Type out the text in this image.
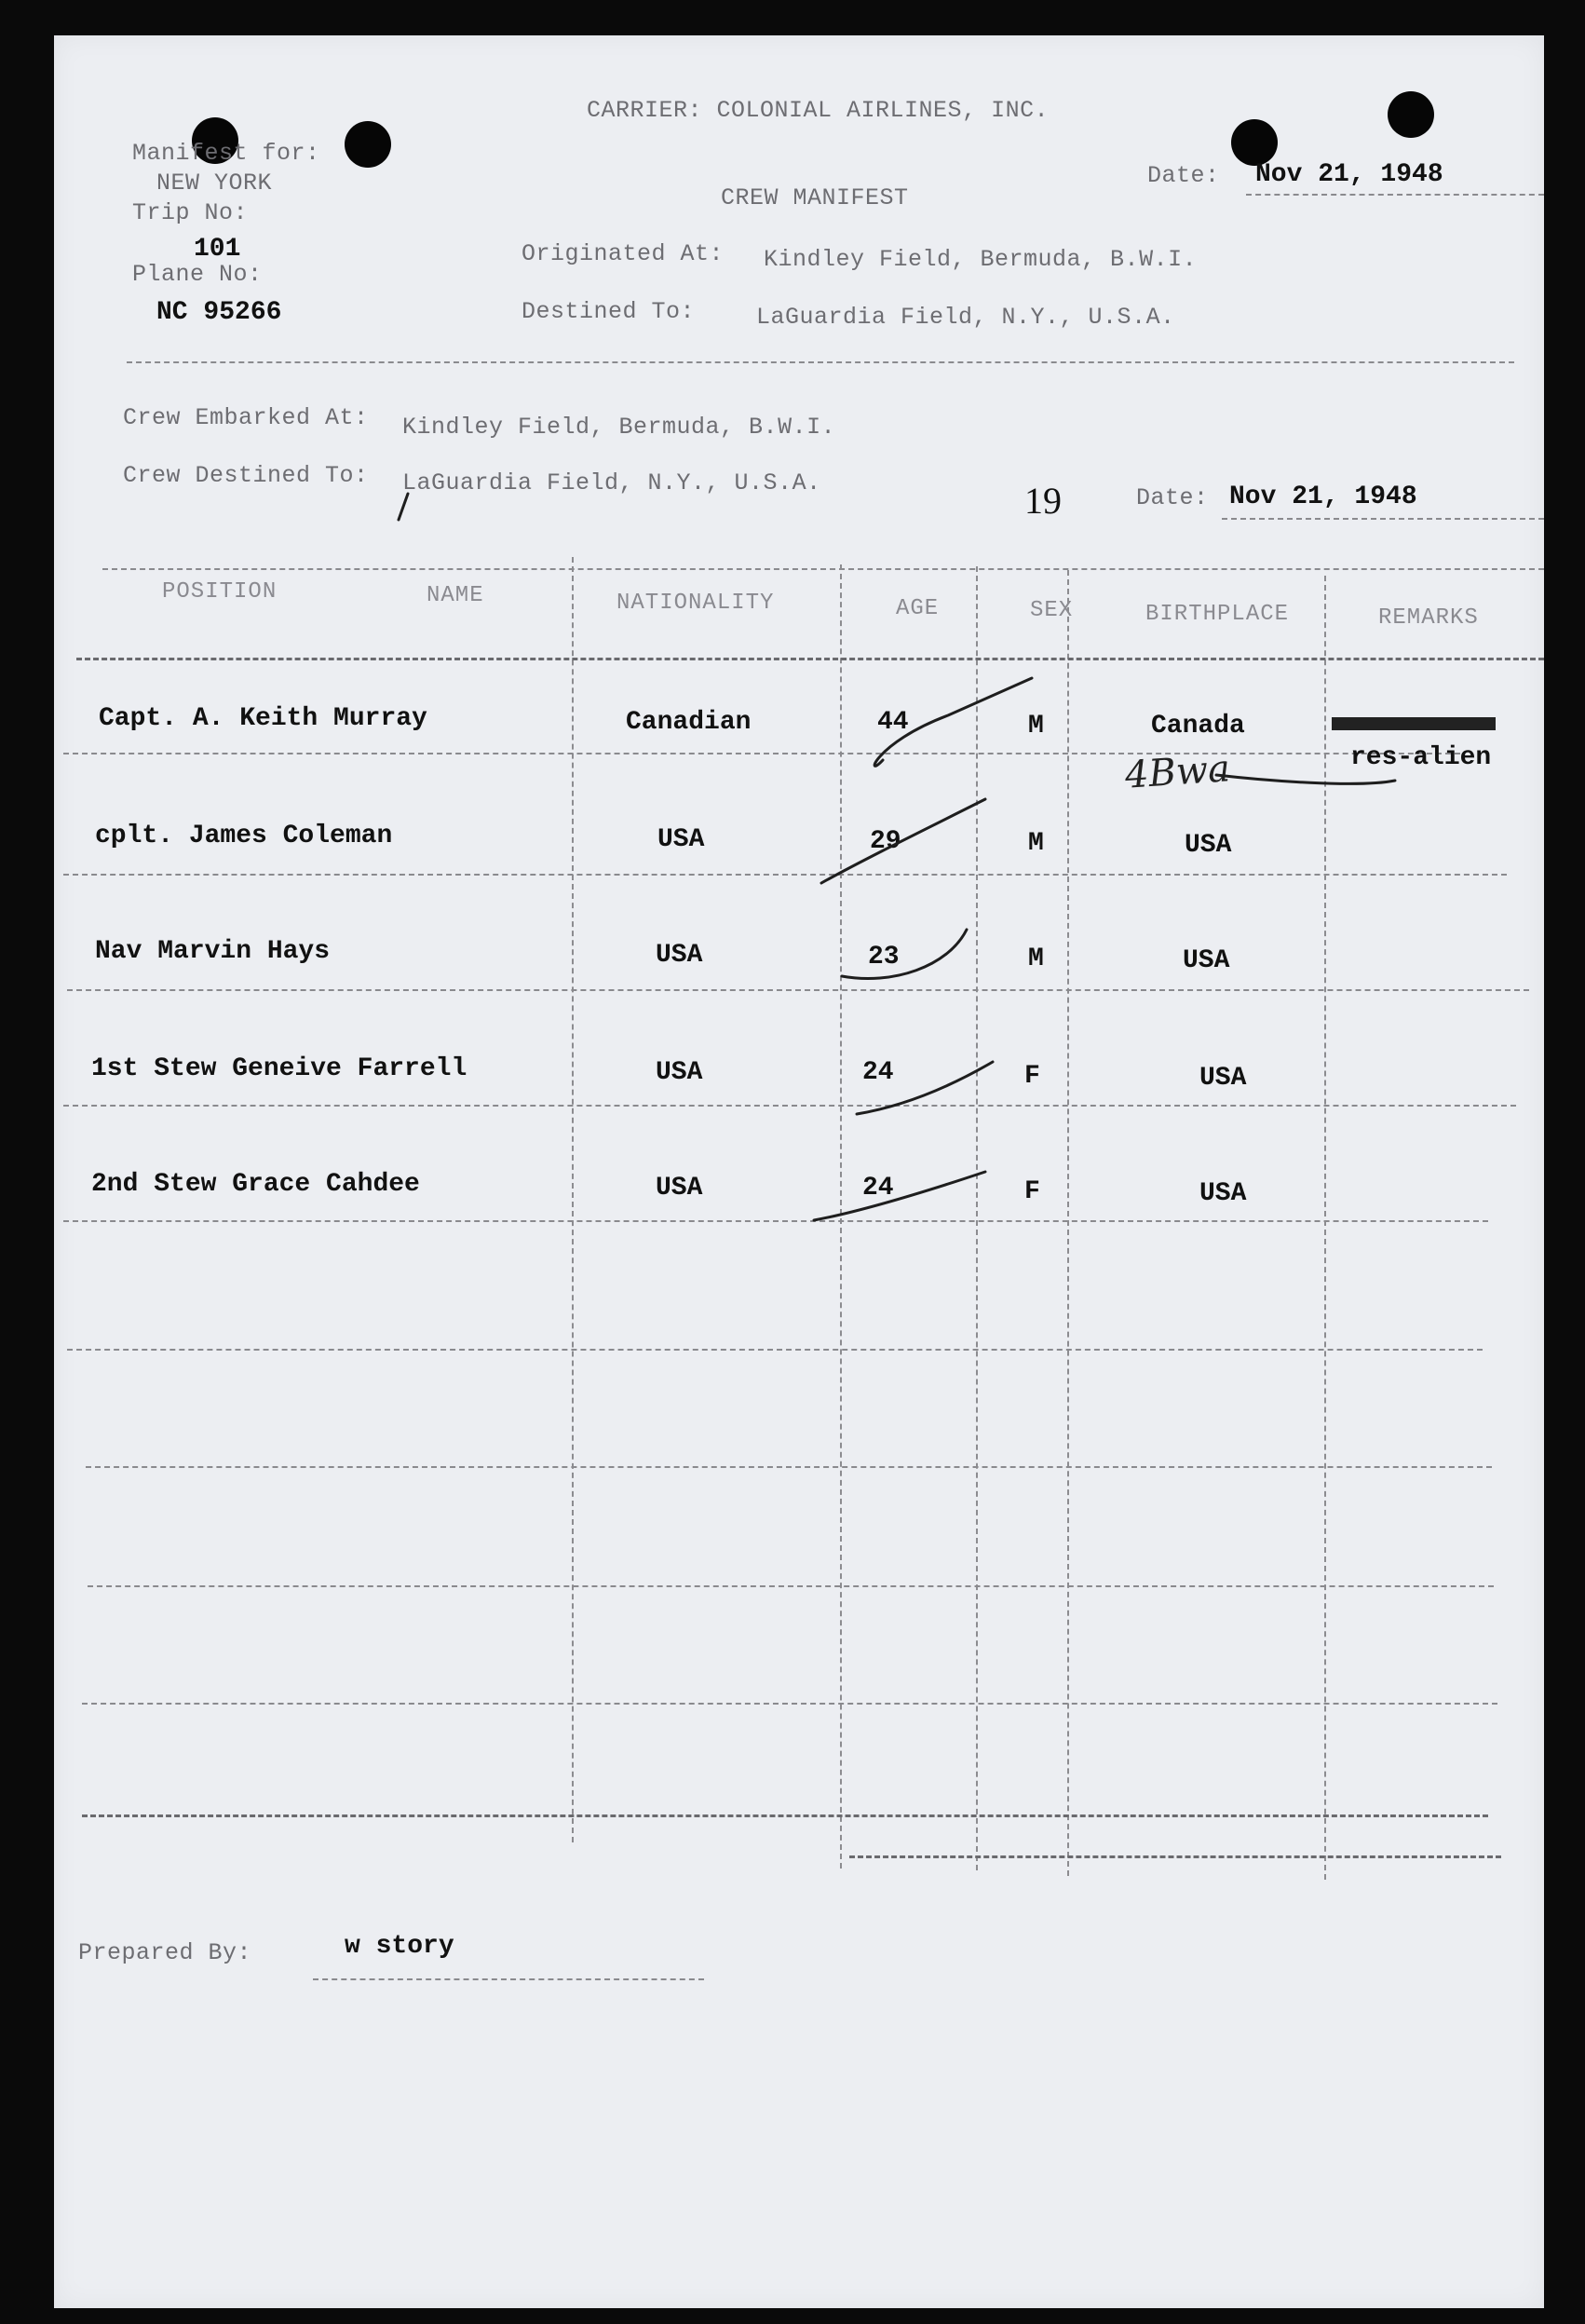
CARRIER: COLONIAL AIRLINES, INC.
Manifest for:
NEW YORK
Trip No:
101
Plane No:
NC 95266
Date: Nov 21, 1948
CREW MANIFEST
Originated At: Kindley Field, Bermuda, B.W.I.
Destined To:	LaGuardia Field, N.Y., U.S.A.
Crew Embarked At: Kindley Field, Bermuda, B.W.I.
Crew Destined To: LaGuardia Field, N.Y., U.S.A.	19	Date: Nov 21, 1948
POSITION	NAME	NATIONALITY	AGE	SEX	BIRTHPLACE	REMARKS
Capt. A. Keith Murray	Canadian	44	M	Canada
res-alien
4Bwa
cplt. James Coleman	USA	29	M	USA
Nav Marvin Hays	USA	23	M	USA
1st Stew Geneive Farrell	USA	24	F	USA
2nd Stew Grace Cahdee	USA	24	F	USA
Prepared By:	w story
